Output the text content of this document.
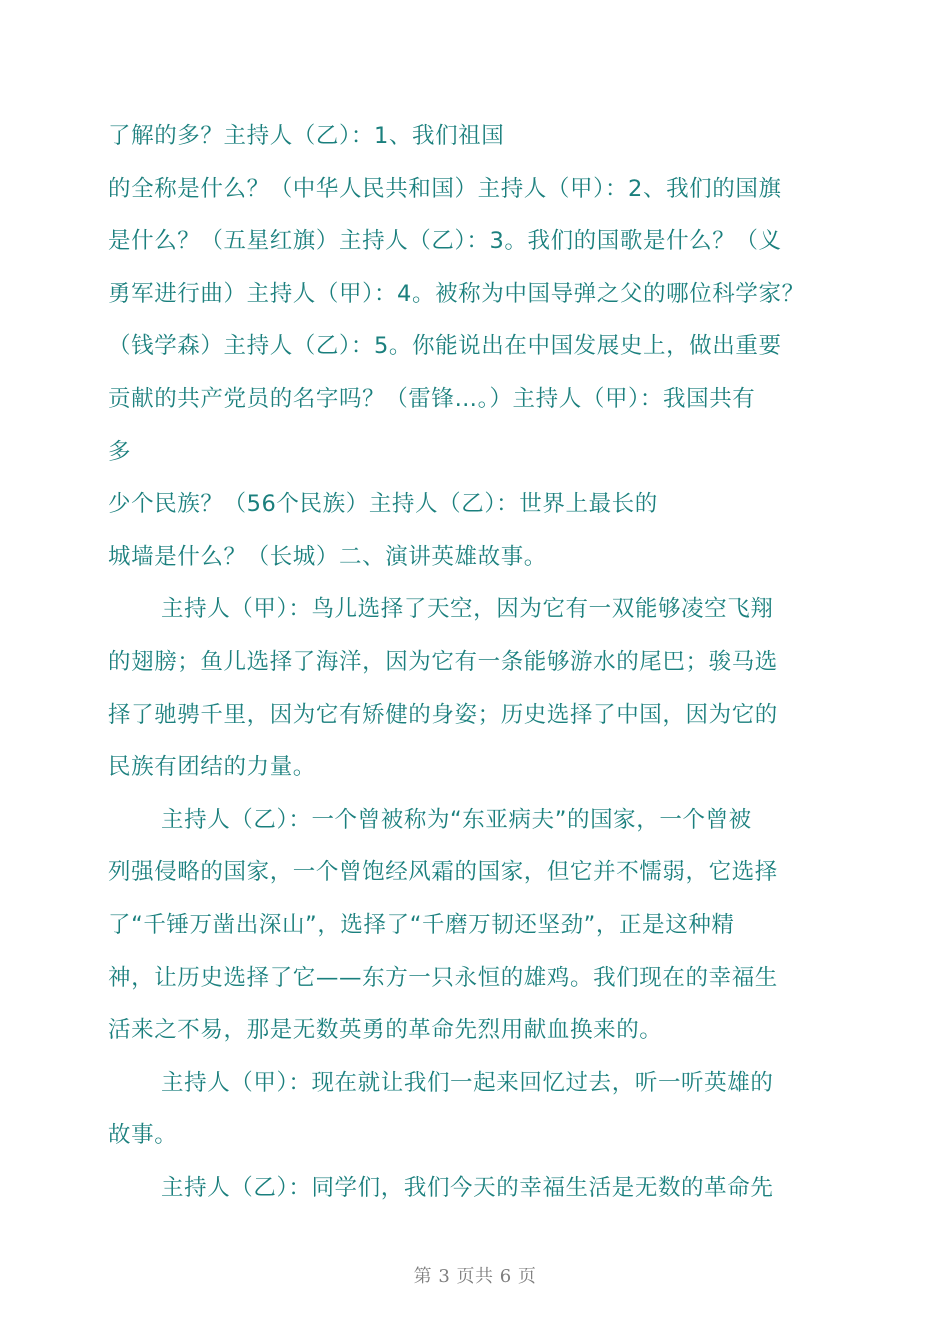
了解的多？主持人（乙）：1、我们祖国
的全称是什么？（中华人民共和国）主持人（甲）：2、我们的国旗
是什么？（五星红旗）主持人（乙）：3。我们的国歌是什么？（义
勇军进行曲）主持人（甲）：4。被称为中国导弹之父的哪位科学家？
（钱学森）主持人（乙）：5。你能说出在中国发展史上，做出重要
贡献的共产党员的名字吗？（雷锋…。）主持人（甲）：我国共有
多
少个民族？（56个民族）主持人（乙）：世界上最长的
城墙是什么？（长城）二、演讲英雄故事。
主持人（甲）：鸟儿选择了天空，因为它有一双能够凌空飞翔
的翅膀；鱼儿选择了海洋，因为它有一条能够游水的尾巴；骏马选
择了驰骋千里，因为它有矫健的身姿；历史选择了中国，因为它的
民族有团结的力量。
主持人（乙）：一个曾被称为“东亚病夫”的国家，一个曾被
列强侵略的国家，一个曾饱经风霜的国家，但它并不懦弱，它选择
了“千锤万凿出深山”，选择了“千磨万韧还坚劲”，正是这种精
神，让历史选择了它——东方一只永恒的雄鸡。我们现在的幸福生
活来之不易，那是无数英勇的革命先烈用献血换来的。
主持人（甲）：现在就让我们一起来回忆过去，听一听英雄的
故事。
主持人（乙）：同学们，我们今天的幸福生活是无数的革命先
第 3 页共 6 页
